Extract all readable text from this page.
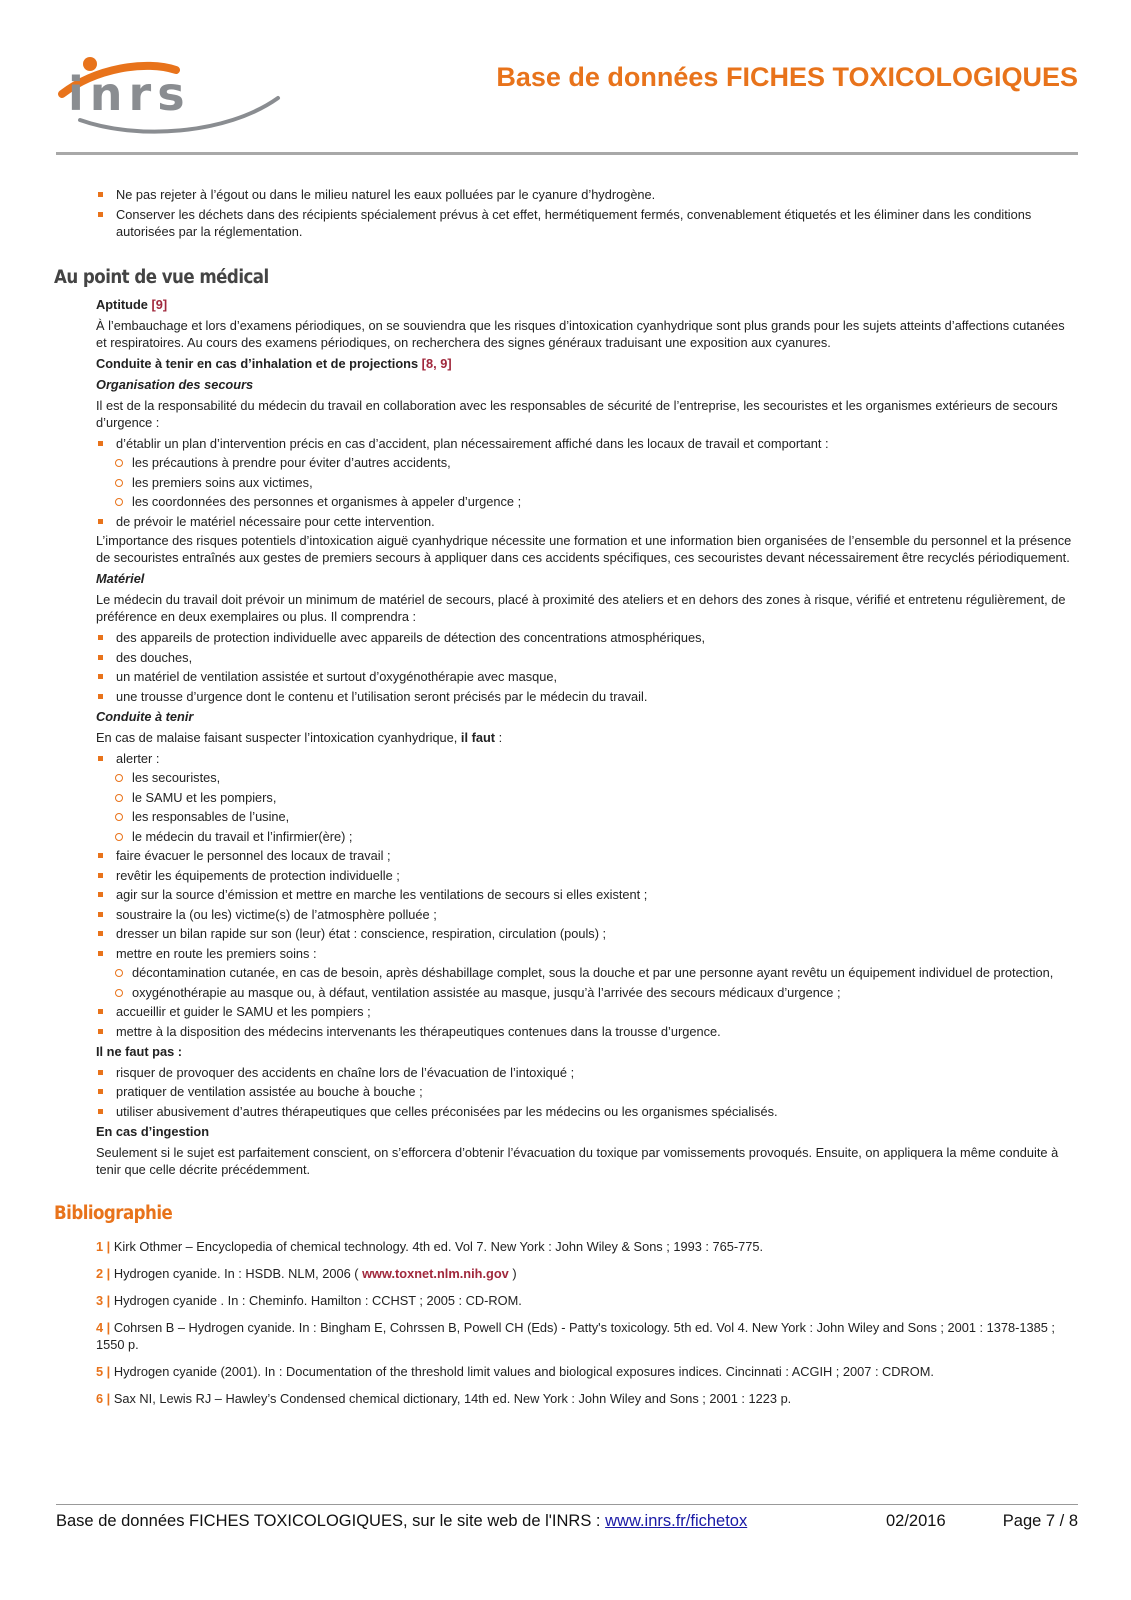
inrs	Base de données FICHES TOXICOLOGIQUES
Ne pas rejeter à l’égout ou dans le milieu naturel les eaux polluées par le cyanure d’hydrogène.
Conserver les déchets dans des récipients spécialement prévus à cet effet, hermétiquement fermés, convenablement étiquetés et les éliminer dans les conditions autorisées par la réglementation.
Au point de vue médical
Aptitude [9]

À l’embauchage et lors d’examens périodiques, on se souviendra que les risques d’intoxication cyanhydrique sont plus grands pour les sujets atteints d’affections cutanées et respiratoires. Au cours des examens périodiques, on recherchera des signes généraux traduisant une exposition aux cyanures.

Conduite à tenir en cas d’inhalation et de projections [8, 9]
Organisation des secours

Il est de la responsabilité du médecin du travail en collaboration avec les responsables de sécurité de l’entreprise, les secouristes et les organismes extérieurs de secours d’urgence :

d’établir un plan d’intervention précis en cas d’accident, plan nécessairement affiché dans les locaux de travail et comportant :
les précautions à prendre pour éviter d’autres accidents,
les premiers soins aux victimes,
les coordonnées des personnes et organismes à appeler d’urgence ;
de prévoir le matériel nécessaire pour cette intervention.

L’importance des risques potentiels d’intoxication aiguë cyanhydrique nécessite une formation et une information bien organisées de l’ensemble du personnel et la présence de secouristes entraînés aux gestes de premiers secours à appliquer dans ces accidents spécifiques, ces secouristes devant nécessairement être recyclés périodiquement.

Matériel

Le médecin du travail doit prévoir un minimum de matériel de secours, placé à proximité des ateliers et en dehors des zones à risque, vérifié et entretenu régulièrement, de préférence en deux exemplaires ou plus. Il comprendra :

des appareils de protection individuelle avec appareils de détection des concentrations atmosphériques,
des douches,
un matériel de ventilation assistée et surtout d’oxygénothérapie avec masque,
une trousse d’urgence dont le contenu et l’utilisation seront précisés par le médecin du travail.
Conduite à tenir

En cas de malaise faisant suspecter l’intoxication cyanhydrique, il faut :

alerter :
les secouristes,
le SAMU et les pompiers,
les responsables de l’usine,
le médecin du travail et l’infirmier(ère) ;
faire évacuer le personnel des locaux de travail ;
revêtir les équipements de protection individuelle ;
agir sur la source d’émission et mettre en marche les ventilations de secours si elles existent ;
soustraire la (ou les) victime(s) de l’atmosphère polluée ;
dresser un bilan rapide sur son (leur) état : conscience, respiration, circulation (pouls) ;
mettre en route les premiers soins :
décontamination cutanée, en cas de besoin, après déshabillage complet, sous la douche et par une personne ayant revêtu un équipement individuel de protection,
oxygénothérapie au masque ou, à défaut, ventilation assistée au masque, jusqu’à l’arrivée des secours médicaux d’urgence ;
accueillir et guider le SAMU et les pompiers ;
mettre à la disposition des médecins intervenants les thérapeutiques contenues dans la trousse d’urgence.
Il ne faut pas :
risquer de provoquer des accidents en chaîne lors de l’évacuation de l’intoxiqué ;
pratiquer de ventilation assistée au bouche à bouche ;
utiliser abusivement d’autres thérapeutiques que celles préconisées par les médecins ou les organismes spécialisés.
En cas d’ingestion

Seulement si le sujet est parfaitement conscient, on s’efforcera d’obtenir l’évacuation du toxique par vomissements provoqués. Ensuite, on appliquera la même conduite à tenir que celle décrite précédemment.

Bibliographie

1 | Kirk Othmer – Encyclopedia of chemical technology. 4th ed. Vol 7. New York : John Wiley & Sons ; 1993 : 765-775.

2 | Hydrogen cyanide. In : HSDB. NLM, 2006 ( www.toxnet.nlm.nih.gov )

3 | Hydrogen cyanide . In : Cheminfo. Hamilton : CCHST ; 2005 : CD-ROM.

4 | Cohrsen B – Hydrogen cyanide. In : Bingham E, Cohrssen B, Powell CH (Eds) - Patty's toxicology. 5th ed. Vol 4. New York : John Wiley and Sons ; 2001 : 1378-1385 ; 1550 p.

5 | Hydrogen cyanide (2001). In : Documentation of the threshold limit values and biological exposures indices. Cincinnati : ACGIH ; 2007 : CDROM.

6 | Sax NI, Lewis RJ – Hawley’s Condensed chemical dictionary, 14th ed. New York : John Wiley and Sons ; 2001 : 1223 p.

Base de données FICHES TOXICOLOGIQUES, sur le site web de l'INRS : www.inrs.fr/fichetox	02/2016	Page 7 / 8
